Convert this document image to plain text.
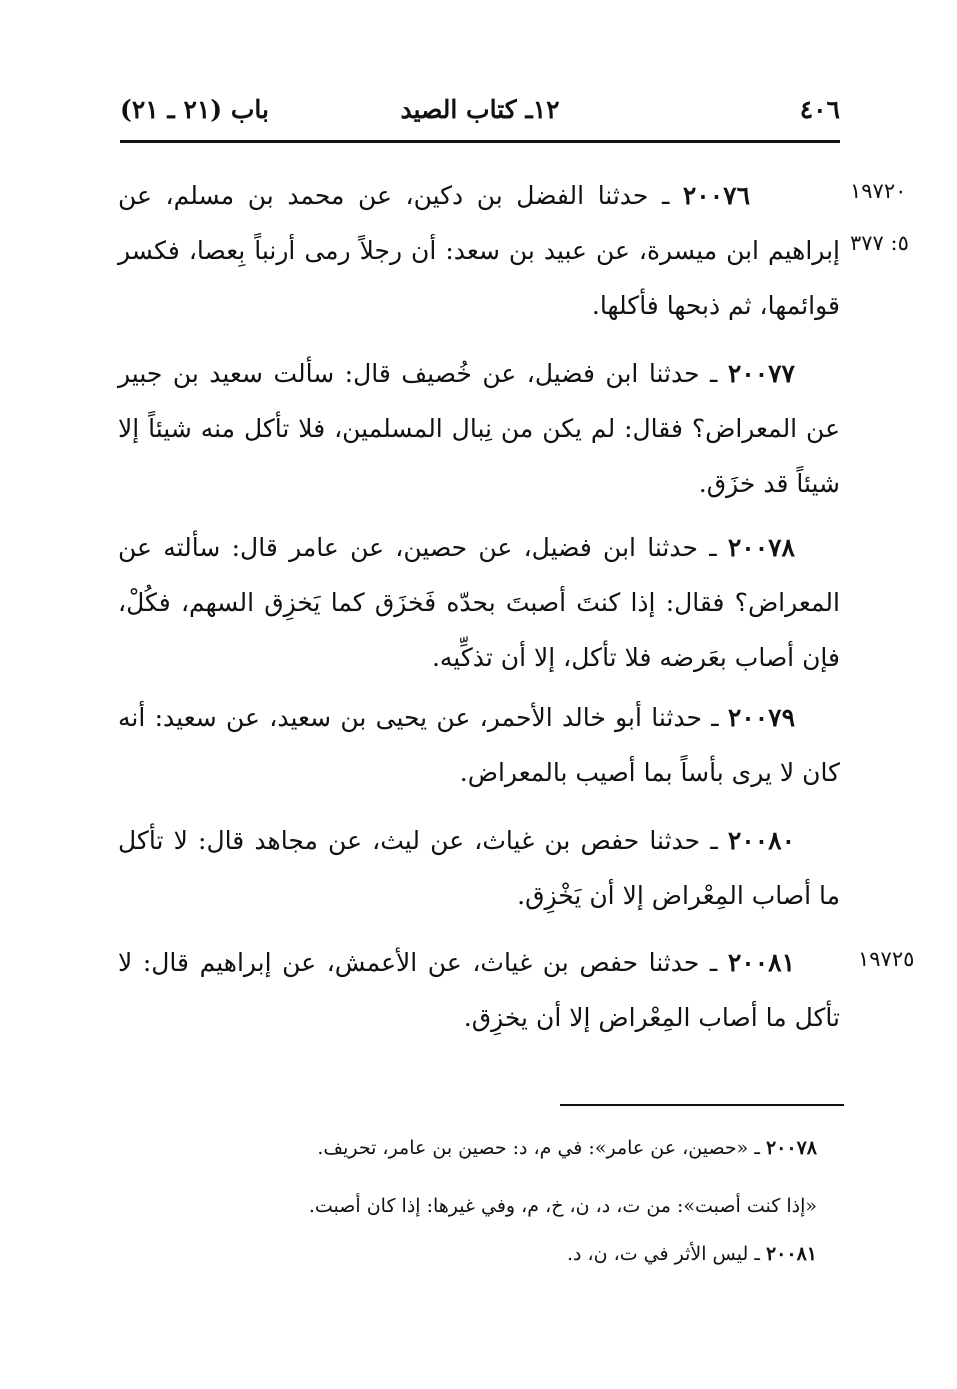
٤٠٦
١٢ـ كتاب الصيد
باب (٢١ ـ ٢١)

٢٠٠٧٦ ـ حدثنا الفضل بن دكين، عن محمد بن مسلم، عن إبراهيم ابن ميسرة، عن عبيد بن سعد: أن رجلاً رمى أرنباً بِعصا، فكسر قوائمها، ثم ذبحها فأكلها.

١٩٧٢٠
٥: ٣٧٧

٢٠٠٧٧ ـ حدثنا ابن فضيل، عن خُصيف قال: سألت سعيد بن جبير عن المعراض؟ فقال: لم يكن من نِبال المسلمين، فلا تأكل منه شيئاً إلا شيئاً قد خزَق.

٢٠٠٧٨ ـ حدثنا ابن فضيل، عن حصين، عن عامر قال: سألته عن المعراض؟ فقال: إذا كنتَ أصبتَ بحدّه فَخزَق كما يَخزِق السهم، فكُلْ، فإن أصاب بعَرضه فلا تأكل، إلا أن تذكِّيه.

٢٠٠٧٩ ـ حدثنا أبو خالد الأحمر، عن يحيى بن سعيد، عن سعيد: أنه كان لا يرى بأساً بما أصيب بالمعراض.

٢٠٠٨٠ ـ حدثنا حفص بن غياث، عن ليث، عن مجاهد قال: لا تأكل ما أصاب المِعْراض إلا أن يَخْزِق.

٢٠٠٨١ ـ حدثنا حفص بن غياث، عن الأعمش، عن إبراهيم قال: لا تأكل ما أصاب المِعْراض إلا أن يخزِق.

١٩٧٢٥
٢٠٠٧٨ ـ «حصين، عن عامر»: في م، د: حصين بن عامر، تحريف.
«إذا كنت أصبت»: من ت، د، ن، خ، م، وفي غيرها: إذا كان أصبت.
٢٠٠٨١ ـ ليس الأثر في ت، ن، د.
